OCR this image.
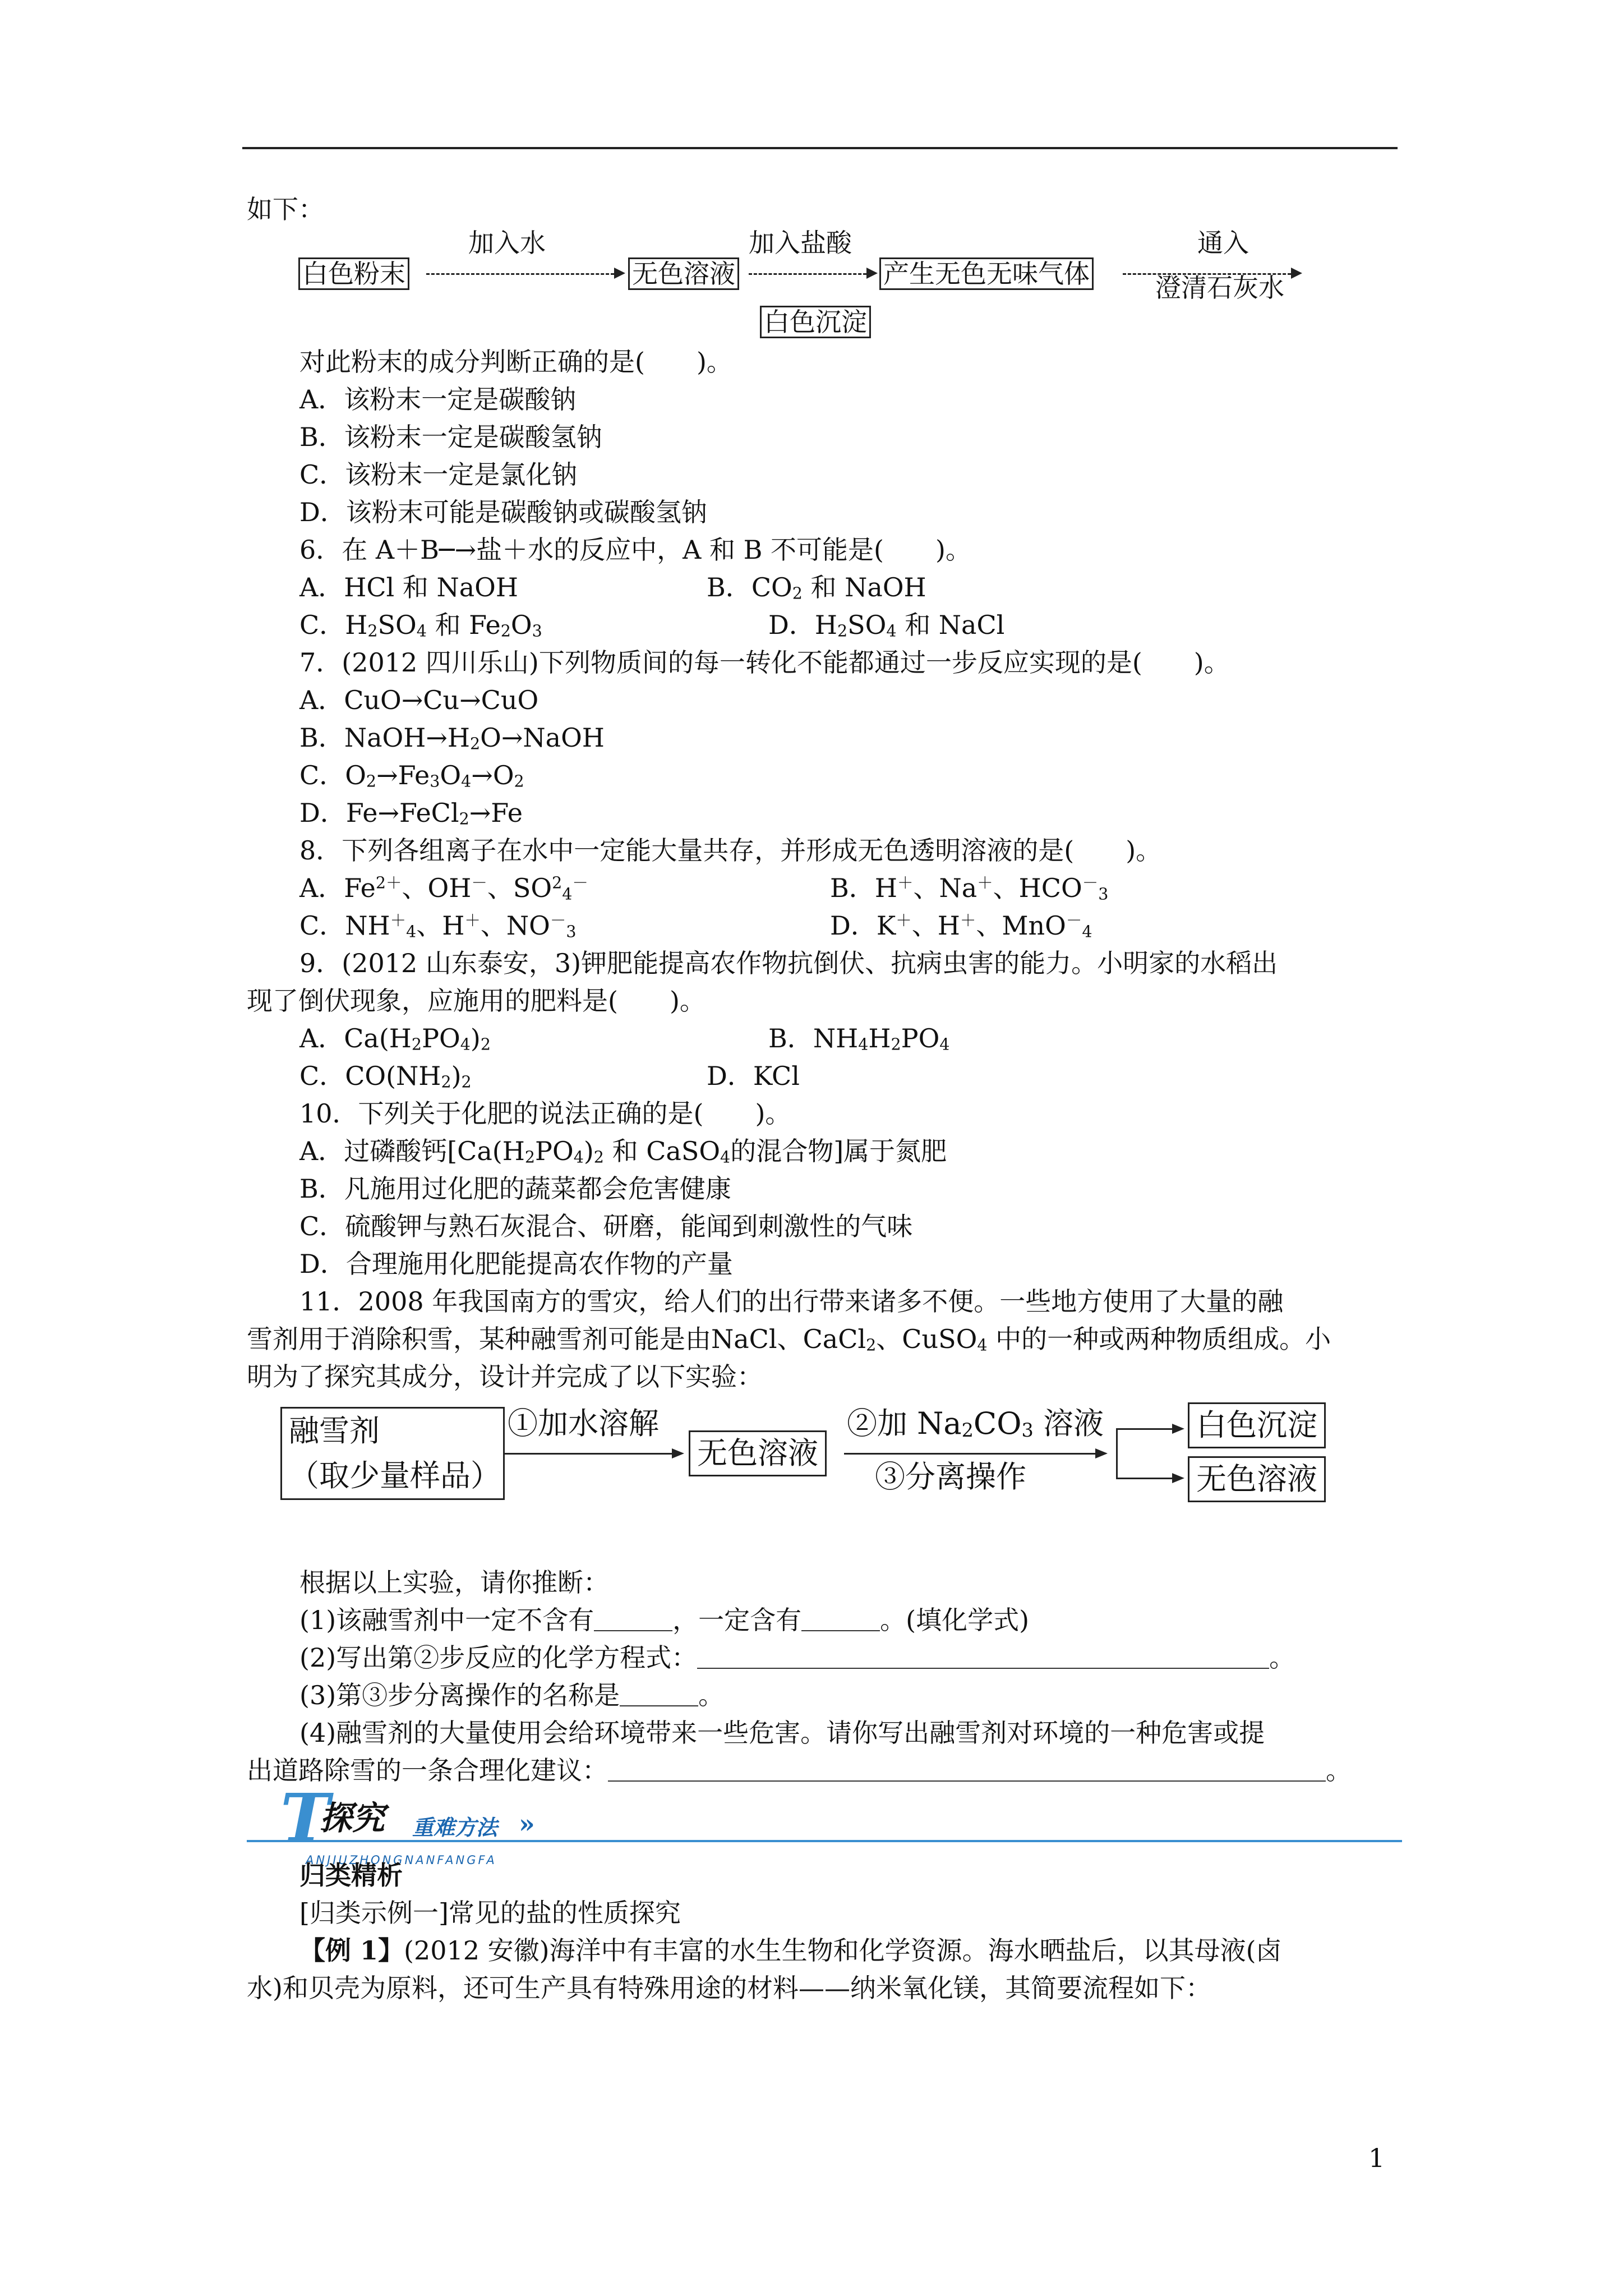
如下：
白色粉末
加入水
无色溶液
加入盐酸
产生无色无味气体
通入
澄清石灰水
白色沉淀
对此粉末的成分判断正确的是(　　)。
A．该粉末一定是碳酸钠
B．该粉末一定是碳酸氢钠
C．该粉末一定是氯化钠
D．该粉末可能是碳酸钠或碳酸氢钠
6．在 A＋B─→盐＋水的反应中，A 和 B 不可能是(　　)。
A．HCl 和 NaOH	B．$CO_2$ 和 NaOH
C．$H_2SO_4$ 和 $Fe_2O_3$	D．$H_2SO_4$ 和 NaCl
7．(2012 四川乐山)下列物质间的每一转化不能都通过一步反应实现的是(　　)。
A．CuO→Cu→CuO
B．$NaOH\to H_2O\to NaOH$
C．$O_2\to Fe_3O_4\to O_2$
D．Fe→FeCl$_2$→Fe
8．下列各组离子在水中一定能大量共存，并形成无色透明溶液的是(　　)。
A．$Fe^{2+}$、OH－、$SO^2_4^-$	B．H＋、Na＋、$HCO^-_3$
C．$NH^+_4$、H＋、$NO^-_3$	D．K＋、H＋、MnO－$_4$
9．(2012 山东泰安，3)钾肥能提高农作物抗倒伏、抗病虫害的能力。小明家的水稻出
现了倒伏现象，应施用的肥料是(　　)。
A．$Ca(H_2PO_4)_2$	B．$NH_4H_2PO_4$
C．$CO(NH_2)_2$	D．KCl
10．下列关于化肥的说法正确的是(　　)。
A．过磷酸钙[$Ca(H_2PO_4)_2$ 和 CaSO$_4$的混合物]属于氮肥
B．凡施用过化肥的蔬菜都会危害健康
C．硫酸钾与熟石灰混合、研磨，能闻到刺激性的气味
D．合理施用化肥能提高农作物的产量
11．2008 年我国南方的雪灾，给人们的出行带来诸多不便。一些地方使用了大量的融
雪剂用于消除积雪，某种融雪剂可能是由NaCl、CaCl$_2$、CuSO$_4$ 中的一种或两种物质组成。小
明为了探究其成分，设计并完成了以下实验：
融雪剂
（取少量样品）
①加水溶解
无色溶液
②加 $Na_2CO_3$ 溶液
③分离操作
白色沉淀
无色溶液
根据以上实验，请你推断：
(1)该融雪剂中一定不含有	，一定含有	。(填化学式)
(2)写出第②步反应的化学方程式：	。
(3)第③步分离操作的名称是	。
(4)融雪剂的大量使用会给环境带来一些危害。请你写出融雪剂对环境的一种危害或提
出道路除雪的一条合理化建议：	。
T
探究 重难方法 »
ANJIUZHONGNANFANGFA
归类精析
[归类示例一]常见的盐的性质探究
【例 1】(2012 安徽)海洋中有丰富的水生生物和化学资源。海水晒盐后，以其母液(卤
水)和贝壳为原料，还可生产具有特殊用途的材料——纳米氧化镁，其简要流程如下：
1
